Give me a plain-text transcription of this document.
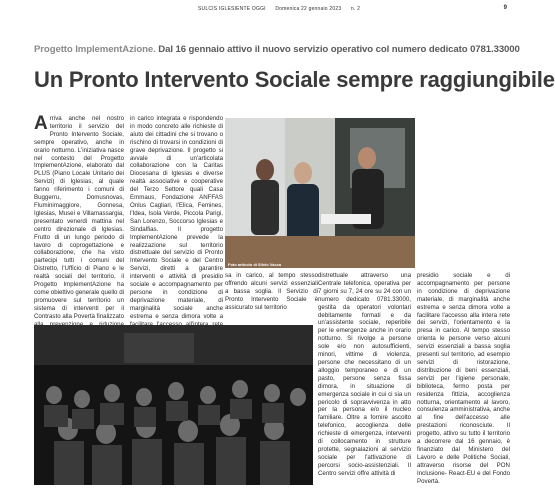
SULCIS IGLESIENTE OGGI Domenica 22 gennaio 2023 n. 2	9
Progetto ImplementAzione. Dal 16 gennaio attivo il nuovo servizio operativo col numero dedicato 0781.33000
Un Pronto Intervento Sociale sempre raggiungibile
Arriva anche nel nostro territorio il servizio del Pronto Intervento Sociale, sempre operativo, anche in orario notturno. L'iniziativa nasce nel contesto del Progetto ImplementAzione, elaborato dal PLUS (Piano Locale Unitario dei Servizi) di Iglesias, al quale fanno riferimento i comuni di Buggerru, Domusnovas, Fluminimaggiore, Gonnesa, Iglesias, Musei e Villamassargia, presentato venerdì mattina nel centro direzionale di Iglesias. Frutto di un lungo periodo di lavoro di coprogettazione e collaborazione, che ha visto partecipi tutti i comuni del Distretto, l'Ufficio di Piano e le realtà sociali del territorio, il Progetto ImplementAzione ha come obiettivo generale quello di promuovere sul territorio un sistema di interventi per il Contrasto alla Povertà finalizzato
in carico integrata e rispondendo in modo concreto alle richieste di aiuto dei cittadini che si trovano o rischino di trovarsi in condizioni di grave deprivazione. Il progetto si avvale di un'articolata collaborazione con la Caritas Diocesana di Iglesias e diverse realtà associative e cooperative del Terzo Settore quali Casa Emmaus, Fondazione ANFFAS Onlus Cagliari, l'Elica, Femines, l'Idea, Isola Verde, Piccola Parigi, San Lorenzo, Soccorso Iglesias e Sindalfias. Il progetto ImplementAzione prevede la realizzazione sul territorio distrettuale del servizio di Pronto Intervento Sociale e del Centro Servizi, diretti a garantire interventi e attività di presidio sociale e accompagnamento per persone in condizione di deprivazione materiale, di marginalità sociale anche estrema e senza dimora volte a
Foto articolo di Silvio Vacca
sa in carico, al tempo stesso offrendo alcuni servizi essenziali a bassa soglia. Il Servizio di Pronto Intervento Sociale è assicurato sul territorio
distrettuale attraverso una Centrale telefonica, operativa per 7 giorni su 7, 24 ore su 24 con un numero dedicato 0781.33000, gestita da operatori volontari debitamente formati e da un'assistente sociale, reperibile per le emergenze anche in orario notturno. Si rivolge a persone sole e/o non autosufficienti, minori, vittime di violenza, persone che necessitano di un alloggio temporaneo e di un pasto, persone senza fissa dimora, in situazione di emergenza sociale in cui ci sia un pericolo di sopravvivenza in atto per la persona e/o il nucleo familiare. Oltre a fornire ascolto telefonico, accoglienza delle richieste di emergenza, interventi di collocamento in strutture protette, segnalazioni al servizio sociale per l'attivazione di percorsi socio-assistenziali. Il Centro servizi offre attività di
presidio sociale e di accompagnamento per persone in condizione di deprivazione materiale, di marginalità anche estrema e senza dimora volte a facilitare l'accesso alla intera rete dei servizi, l'orientamento e la presa in carico. Al tempo stesso orienta le persone verso alcuni servizi essenziali a bassa soglia presenti sul territorio, ad esempio servizi di ristorazione, distribuzione di beni essenziali, servizi per l'igiene personale, biblioteca, fermo posta per residenza fittizia, accoglienza notturna, orientamento al lavoro, consulenza amministrativa, anche al fine dell'accesso alle prestazioni riconosciute. Il progetto, attivo su tutto il territorio a decorrere dal 16 gennaio, è finanziato dal Ministero del Lavoro e delle Politiche Sociali, attraverso risorse del PON Inclusione- React-EU e del Fondo Povertà.
